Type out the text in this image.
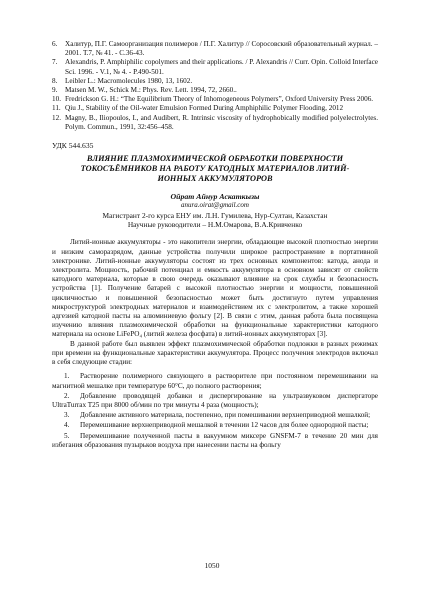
6.	Халитур, П.Г. Самоорганизация полимеров / П.Г. Халитур // Соросовский образовательный журнал. – 2001. Т.7, № 41. - С.36-43.
7.	Alexandris, P. Amphiphilic copolymers and their applications. / P. Alexandris // Curr. Opin. Colloid Interface Sci. 1996. - V.1, № 4. - P.490-501.
8.	Leibler L.: Macromolecules 1980, 13, 1602.
9.	Matsen M. W., Schick M.: Phys. Rev. Lett. 1994, 72, 2660..
10. Fredrickson G. H.: “The Equilibrium Theory of Inhomogeneous Polymers”, Oxford University Press 2006.
11. Qiu J., Stability of the Oil-water Emulsion Formed During Amphiphilic Polymer Flooding, 2012
12. Magny, B., Iliopoulos, I., and Audibert, R. Intrinsic viscosity of hydrophobically modified polyelectrolytes. Polym. Commun., 1991, 32:456–458.
УДК 544.635
ВЛИЯНИЕ ПЛАЗМОХИМИЧЕСКОЙ ОБРАБОТКИ ПОВЕРХНОСТИ ТОКОСЪЁМНИКОВ НА РАБОТУ КАТОДНЫХ МАТЕРИАЛОВ ЛИТИЙ-ИОННЫХ АККУМУЛЯТОРОВ
Ойрат Айнур Аскаткызы
anura.oirat@gmail.com
Магистрант 2-го курса ЕНУ им. Л.Н. Гумилева, Нур-Султан, Казахстан
Научные руководители – Н.М.Омарова, В.А.Кривченко

Литий-ионные аккумуляторы - это накопители энергии, обладающие высокой плотностью энергии и низким саморазрядом, данные устройства получили широкое распространение в портативной электронике. Литий-ионные аккумуляторы состоят из трех основных компонентов: катода, анода и электролита. Мощность, рабочий потенциал и емкость аккумулятора в основном зависят от свойств катодного материала, которые в свою очередь оказывают влияние на срок службы и безопасность устройства [1]. Получение батарей с высокой плотностью энергии и мощности, повышенной цикличностью и повышенной безопасностью может быть достигнуто путем управления микроструктурой электродных материалов и взаимодействием их с электролитом, а также хорошей адгезией катодной пасты на алюминиевую фольгу [2]. В связи с этим, данная работа была посвящена изучению влияния плазмохимической обработки на функциональные характеристики катодного материала на основе LiFePO₄ (литий железа фосфата) в литий-ионных аккумуляторах [3].

В данной работе был выявлен эффект плазмохимической обработки подложки в разных режимах при времени на функциональные характеристики аккумулятора. Процесс получения электродов включал в себя следующие стадии:

1. Растворение полимерного связующего в растворителе при постоянном перемешивании на магнитной мешалке при температуре 60°С, до полного растворения;
2. Добавление проводящей добавки и диспергирование на ультразвуковом диспергаторе UltraTurrax T25 при 8000 об/мин по три минуты 4 раза (мощность);
3. Добавление активного материала, постепенно, при помешивании верхнеприводной мешалкой;
4. Перемешивание верхнеприводной мешалкой в течении 12 часов для более однородной пасты;
5. Перемешивание полученной пасты в вакуумном миксере GNSFM-7 в течение 20 мин для избегания образования пузырьков воздуха при нанесении пасты на фольгу
1050
